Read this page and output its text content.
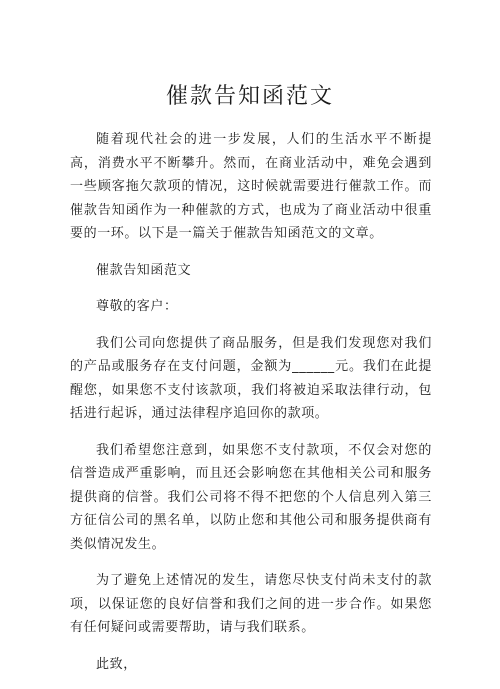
催款告知函范文

随着现代社会的进一步发展，人们的生活水平不断提高，消费水平不断攀升。然而，在商业活动中，难免会遇到一些顾客拖欠款项的情况，这时候就需要进行催款工作。而催款告知函作为一种催款的方式，也成为了商业活动中很重要的一环。以下是一篇关于催款告知函范文的文章。

催款告知函范文

尊敬的客户：

我们公司向您提供了商品服务，但是我们发现您对我们的产品或服务存在支付问题，金额为______元。我们在此提醒您，如果您不支付该款项，我们将被迫采取法律行动，包括进行起诉，通过法律程序追回你的款项。

我们希望您注意到，如果您不支付款项，不仅会对您的信誉造成严重影响，而且还会影响您在其他相关公司和服务提供商的信誉。我们公司将不得不把您的个人信息列入第三方征信公司的黑名单，以防止您和其他公司和服务提供商有类似情况发生。

为了避免上述情况的发生，请您尽快支付尚未支付的款项，以保证您的良好信誉和我们之间的进一步合作。如果您有任何疑问或需要帮助，请与我们联系。

此致，
